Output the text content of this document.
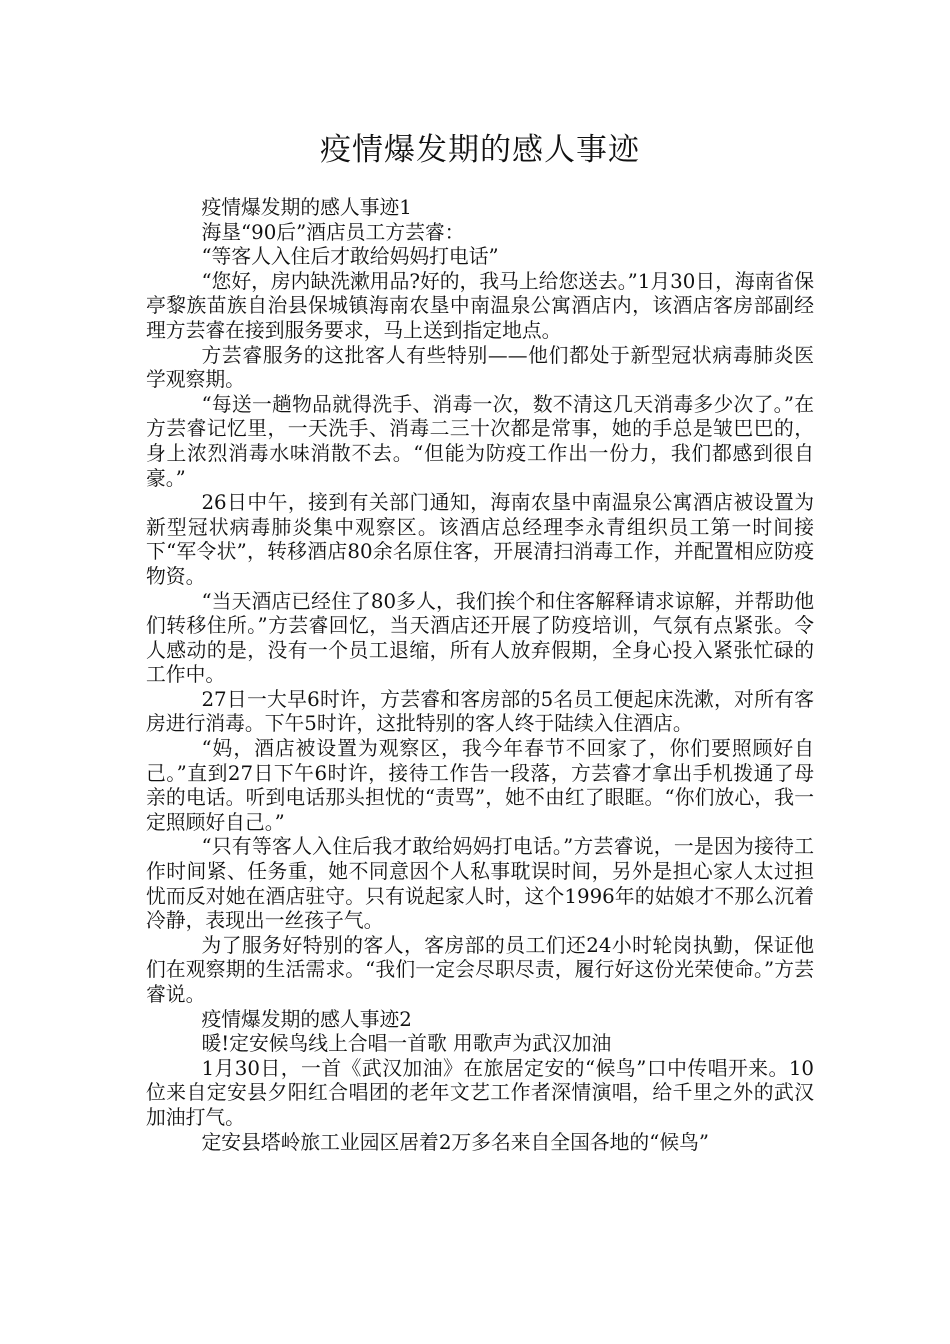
疫情爆发期的感人事迹

疫情爆发期的感人事迹1

海垦“90后”酒店员工方芸睿：

“等客人入住后才敢给妈妈打电话”

“您好，房内缺洗漱用品?好的，我马上给您送去。”1月30日，海南省保亭黎族苗族自治县保城镇海南农垦中南温泉公寓酒店内，该酒店客房部副经理方芸睿在接到服务要求，马上送到指定地点。

方芸睿服务的这批客人有些特别——他们都处于新型冠状病毒肺炎医学观察期。

“每送一趟物品就得洗手、消毒一次，数不清这几天消毒多少次了。”在方芸睿记忆里，一天洗手、消毒二三十次都是常事，她的手总是皱巴巴的，身上浓烈消毒水味消散不去。“但能为防疫工作出一份力，我们都感到很自豪。”

26日中午，接到有关部门通知，海南农垦中南温泉公寓酒店被设置为新型冠状病毒肺炎集中观察区。该酒店总经理李永青组织员工第一时间接下“军令状”，转移酒店80余名原住客，开展清扫消毒工作，并配置相应防疫物资。

“当天酒店已经住了80多人，我们挨个和住客解释请求谅解，并帮助他们转移住所。”方芸睿回忆，当天酒店还开展了防疫培训，气氛有点紧张。令人感动的是，没有一个员工退缩，所有人放弃假期，全身心投入紧张忙碌的工作中。

27日一大早6时许，方芸睿和客房部的5名员工便起床洗漱，对所有客房进行消毒。下午5时许，这批特别的客人终于陆续入住酒店。

“妈，酒店被设置为观察区，我今年春节不回家了，你们要照顾好自己。”直到27日下午6时许，接待工作告一段落，方芸睿才拿出手机拨通了母亲的电话。听到电话那头担忧的“责骂”，她不由红了眼眶。“你们放心，我一定照顾好自己。”

“只有等客人入住后我才敢给妈妈打电话。”方芸睿说，一是因为接待工作时间紧、任务重，她不同意因个人私事耽误时间，另外是担心家人太过担忧而反对她在酒店驻守。只有说起家人时，这个1996年的姑娘才不那么沉着冷静，表现出一丝孩子气。

为了服务好特别的客人，客房部的员工们还24小时轮岗执勤，保证他们在观察期的生活需求。“我们一定会尽职尽责，履行好这份光荣使命。”方芸睿说。

疫情爆发期的感人事迹2

暖!定安候鸟线上合唱一首歌 用歌声为武汉加油

1月30日，一首《武汉加油》在旅居定安的“候鸟”口中传唱开来。10位来自定安县夕阳红合唱团的老年文艺工作者深情演唱，给千里之外的武汉加油打气。

定安县塔岭旅工业园区居着2万多名来自全国各地的“候鸟”
